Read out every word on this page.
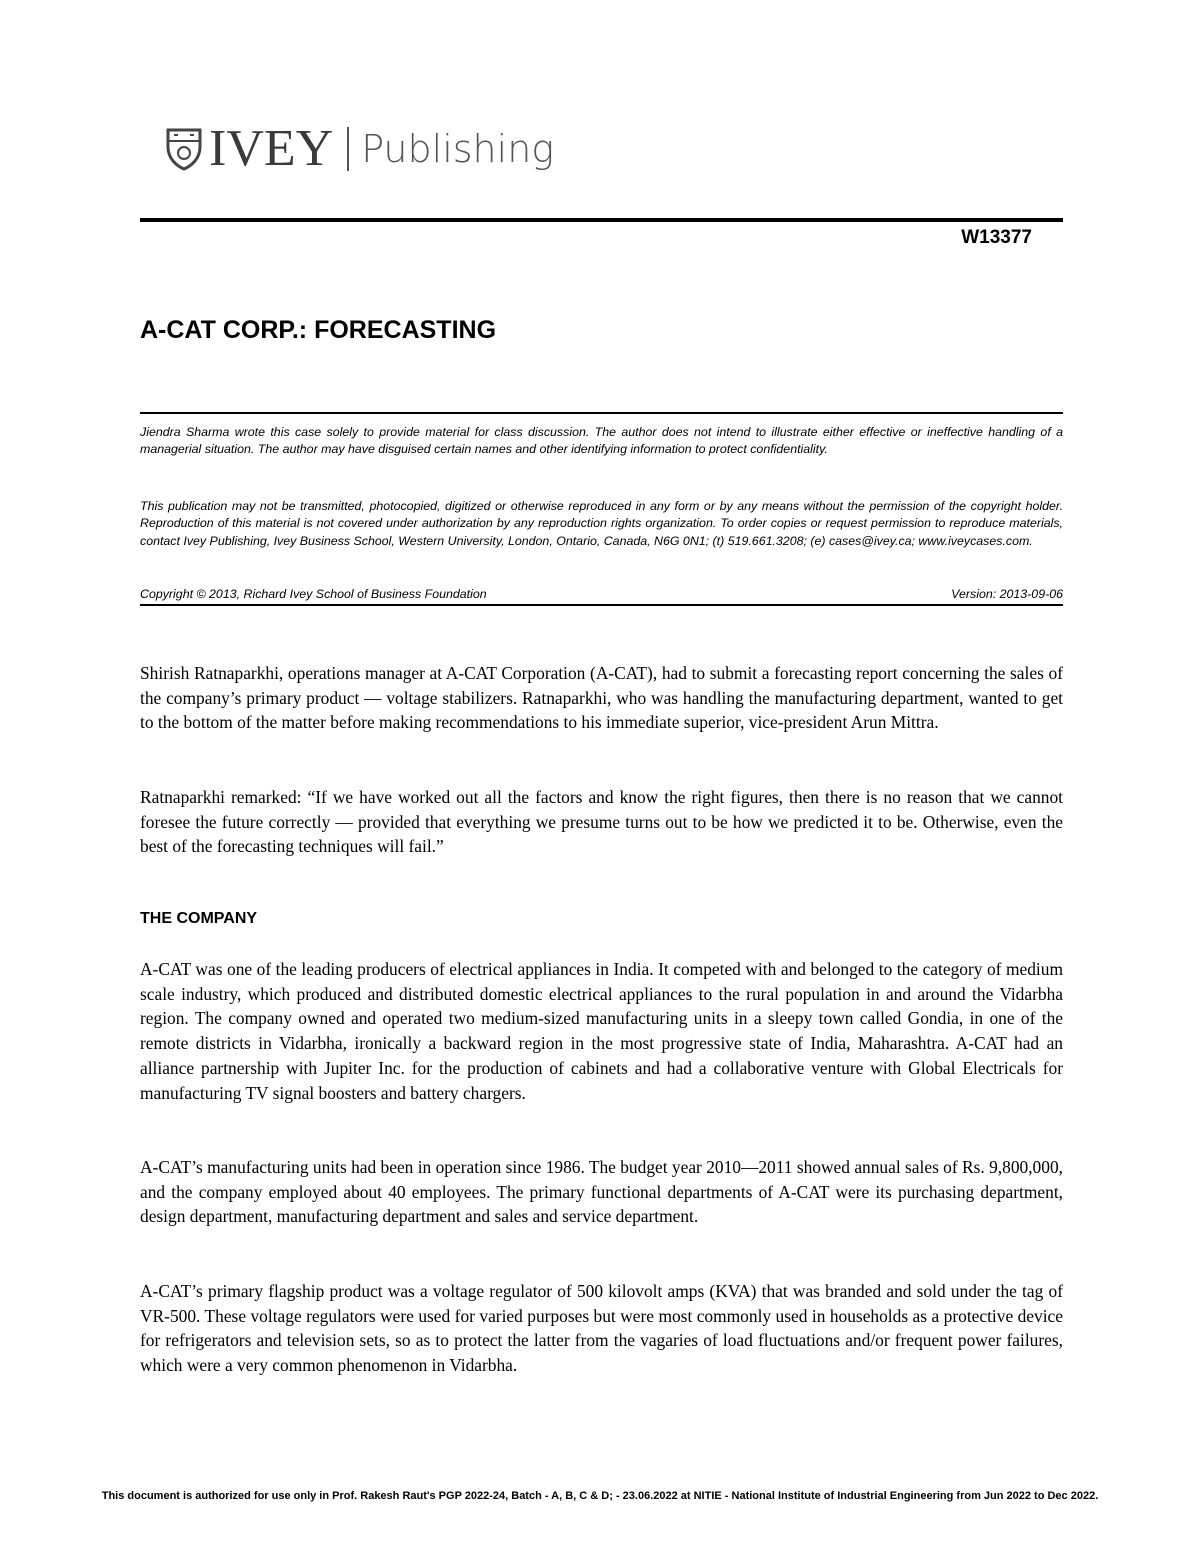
IVEY Publishing
W13377
A-CAT CORP.: FORECASTING

Jiendra Sharma wrote this case solely to provide material for class discussion. The author does not intend to illustrate either effective or ineffective handling of a managerial situation. The author may have disguised certain names and other identifying information to protect confidentiality.

This publication may not be transmitted, photocopied, digitized or otherwise reproduced in any form or by any means without the permission of the copyright holder. Reproduction of this material is not covered under authorization by any reproduction rights organization. To order copies or request permission to reproduce materials, contact Ivey Publishing, Ivey Business School, Western University, London, Ontario, Canada, N6G 0N1; (t) 519.661.3208; (e) cases@ivey.ca; www.iveycases.com.

Copyright © 2013, Richard Ivey School of Business Foundation	Version: 2013-09-06

Shirish Ratnaparkhi, operations manager at A-CAT Corporation (A-CAT), had to submit a forecasting report concerning the sales of the company’s primary product — voltage stabilizers. Ratnaparkhi, who was handling the manufacturing department, wanted to get to the bottom of the matter before making recommendations to his immediate superior, vice-president Arun Mittra.

Ratnaparkhi remarked: “If we have worked out all the factors and know the right figures, then there is no reason that we cannot foresee the future correctly — provided that everything we presume turns out to be how we predicted it to be. Otherwise, even the best of the forecasting techniques will fail.”

THE COMPANY

A-CAT was one of the leading producers of electrical appliances in India. It competed with and belonged to the category of medium scale industry, which produced and distributed domestic electrical appliances to the rural population in and around the Vidarbha region. The company owned and operated two medium-sized manufacturing units in a sleepy town called Gondia, in one of the remote districts in Vidarbha, ironically a backward region in the most progressive state of India, Maharashtra. A-CAT had an alliance partnership with Jupiter Inc. for the production of cabinets and had a collaborative venture with Global Electricals for manufacturing TV signal boosters and battery chargers.

A-CAT’s manufacturing units had been in operation since 1986. The budget year 2010—2011 showed annual sales of Rs. 9,800,000, and the company employed about 40 employees. The primary functional departments of A-CAT were its purchasing department, design department, manufacturing department and sales and service department.

A-CAT’s primary flagship product was a voltage regulator of 500 kilovolt amps (KVA) that was branded and sold under the tag of VR-500. These voltage regulators were used for varied purposes but were most commonly used in households as a protective device for refrigerators and television sets, so as to protect the latter from the vagaries of load fluctuations and/or frequent power failures, which were a very common phenomenon in Vidarbha.

This document is authorized for use only in Prof. Rakesh Raut's PGP 2022-24, Batch - A, B, C & D; - 23.06.2022 at NITIE - National Institute of Industrial Engineering from Jun 2022 to Dec 2022.
